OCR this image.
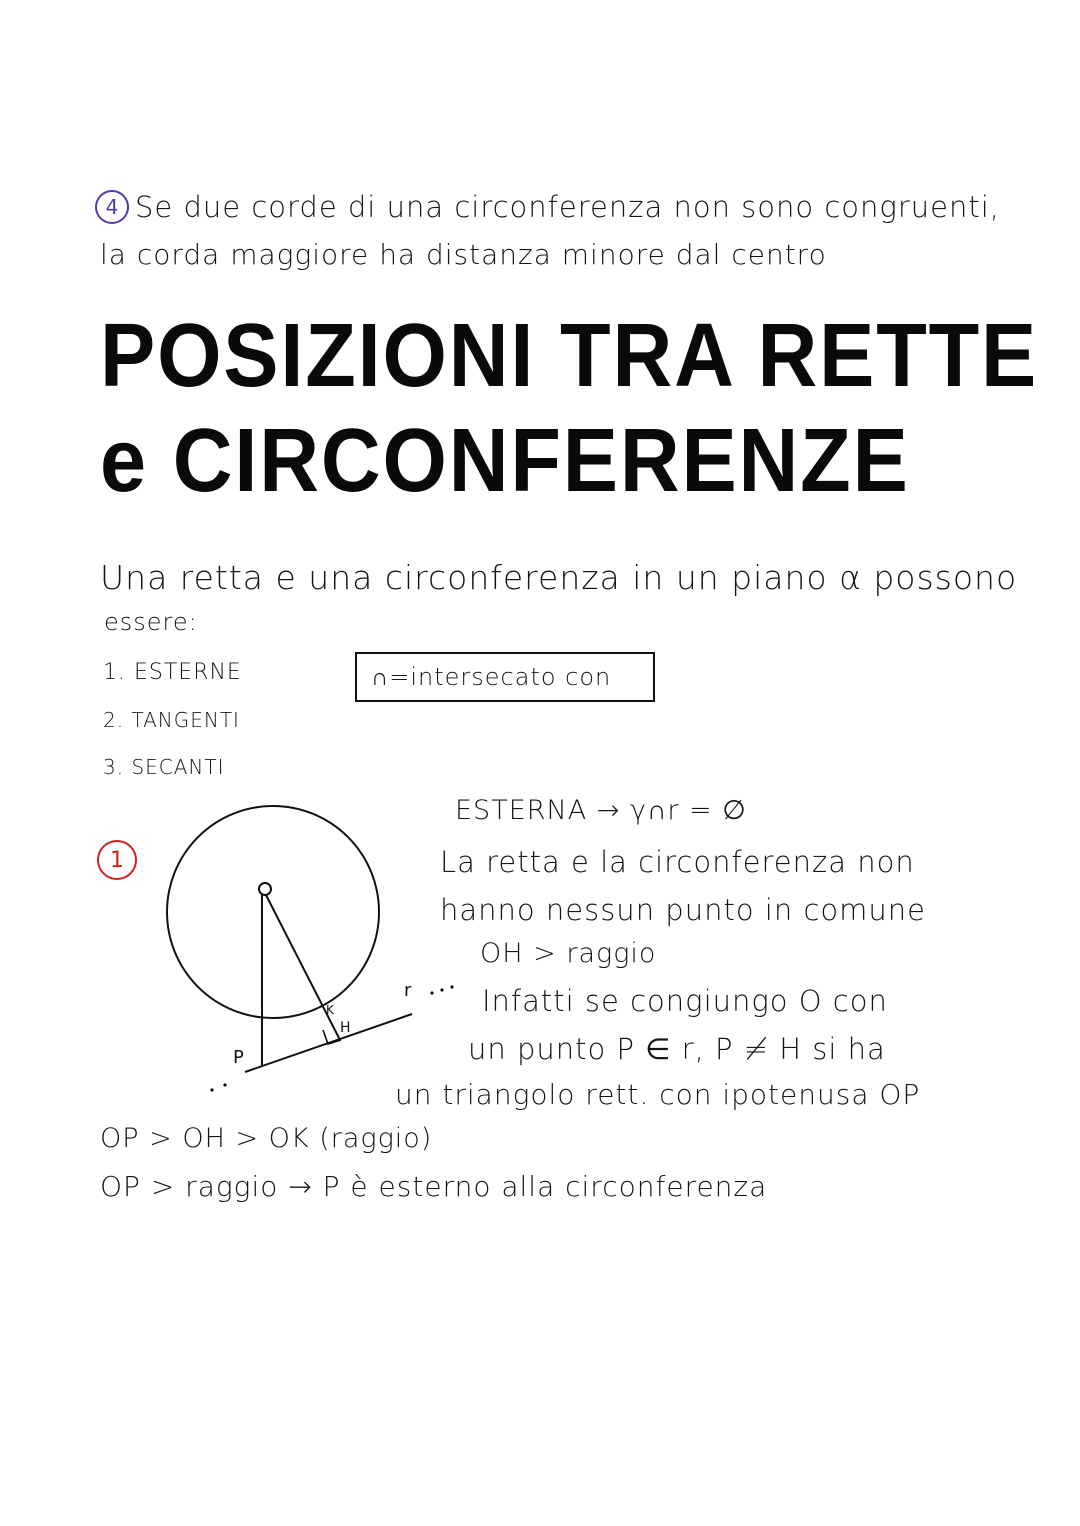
4 Se due corde di una circonferenza non sono congruenti,
la corda maggiore ha distanza minore dal centro
POSIZIONI TRA RETTE
e CIRCONFERENZE
Una retta e una circonferenza in un piano α possono
essere:
1. ESTERNE
2. TANGENTI
3. SECANTI
∩=intersecato con
1
P
H
K
r
ESTERNA → γ∩r = ∅
La retta e la circonferenza non
hanno nessun punto in comune
OH > raggio
Infatti se congiungo O con
un punto P ∈ r, P ≠ H si ha
un triangolo rett. con ipotenusa OP
OP > OH > OK (raggio)
OP > raggio → P è esterno alla circonferenza
